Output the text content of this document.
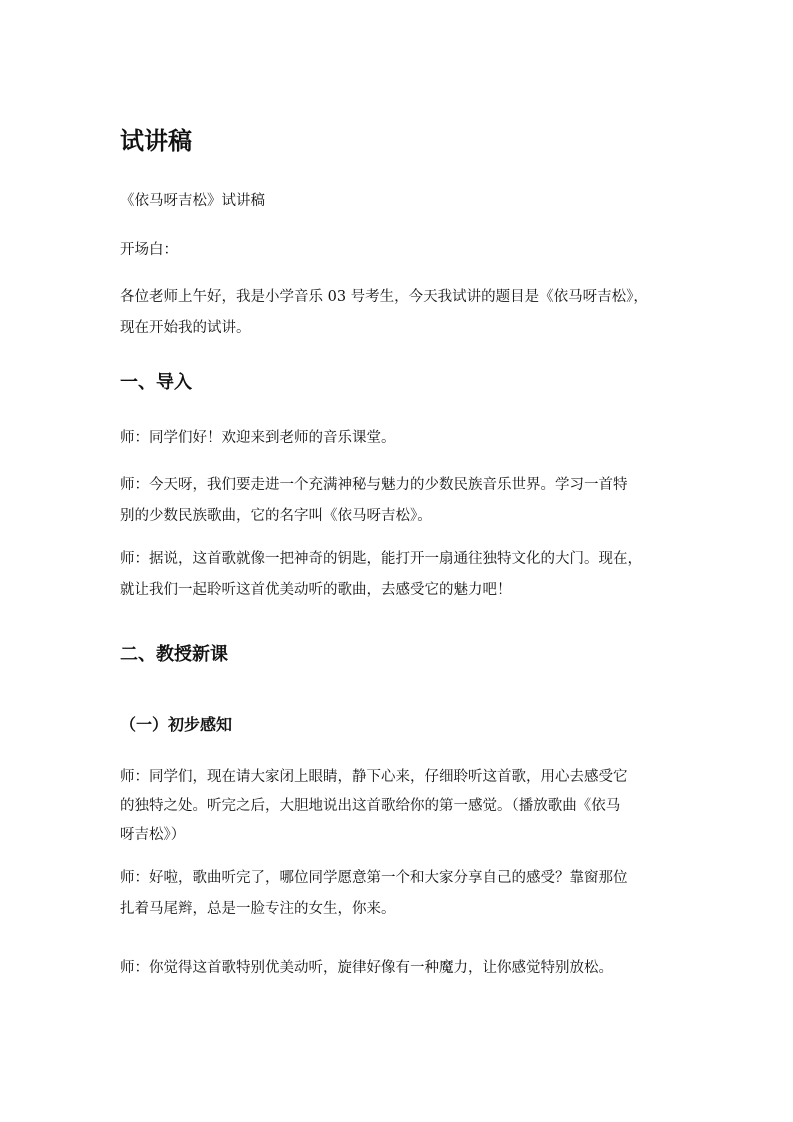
试讲稿

《依马呀吉松》试讲稿

开场白：

各位老师上午好，我是小学音乐 03 号考生，今天我试讲的题目是《依马呀吉松》，
现在开始我的试讲。

一、导入

师：同学们好！欢迎来到老师的音乐课堂。

师：今天呀，我们要走进一个充满神秘与魅力的少数民族音乐世界。学习一首特
别的少数民族歌曲，它的名字叫《依马呀吉松》。

师：据说，这首歌就像一把神奇的钥匙，能打开一扇通往独特文化的大门。现在，
就让我们一起聆听这首优美动听的歌曲，去感受它的魅力吧！

二、教授新课
（一）初步感知

师：同学们，现在请大家闭上眼睛，静下心来，仔细聆听这首歌，用心去感受它
的独特之处。听完之后，大胆地说出这首歌给你的第一感觉。（播放歌曲《依马
呀吉松》）

师：好啦，歌曲听完了，哪位同学愿意第一个和大家分享自己的感受？靠窗那位
扎着马尾辫，总是一脸专注的女生，你来。

师：你觉得这首歌特别优美动听，旋律好像有一种魔力，让你感觉特别放松。
